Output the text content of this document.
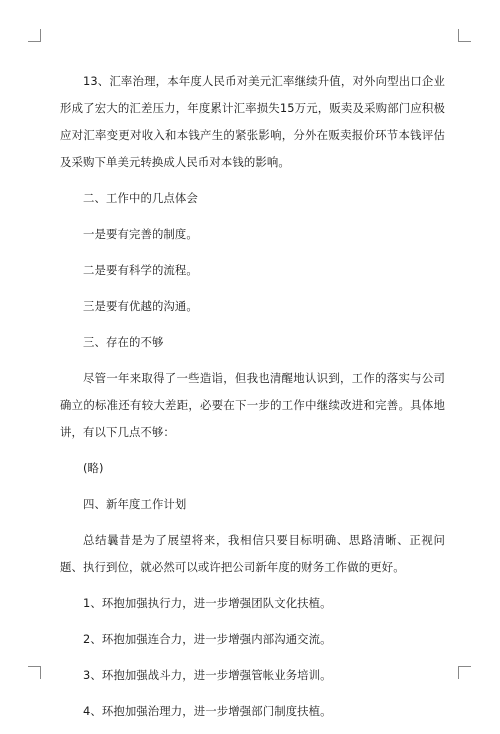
13、汇率治理，本年度人民币对美元汇率继续升值，对外向型出口企业形成了宏大的汇差压力，年度累计汇率损失15万元，贩卖及采购部门应积极应对汇率变更对收入和本钱产生的紧张影响，分外在贩卖报价环节本钱评估及采购下单美元转换成人民币对本钱的影响。

二、工作中的几点体会

一是要有完善的制度。

二是要有科学的流程。

三是要有优越的沟通。

三、存在的不够

尽管一年来取得了一些造诣，但我也清醒地认识到，工作的落实与公司确立的标准还有较大差距，必要在下一步的工作中继续改进和完善。具体地讲，有以下几点不够：

(略)

四、新年度工作计划

总结曩昔是为了展望将来，我相信只要目标明确、思路清晰、正视问题、执行到位，就必然可以或许把公司新年度的财务工作做的更好。

1、环抱加强执行力，进一步增强团队文化扶植。

2、环抱加强连合力，进一步增强内部沟通交流。

3、环抱加强战斗力，进一步增强管帐业务培训。

4、环抱加强治理力，进一步增强部门制度扶植。
